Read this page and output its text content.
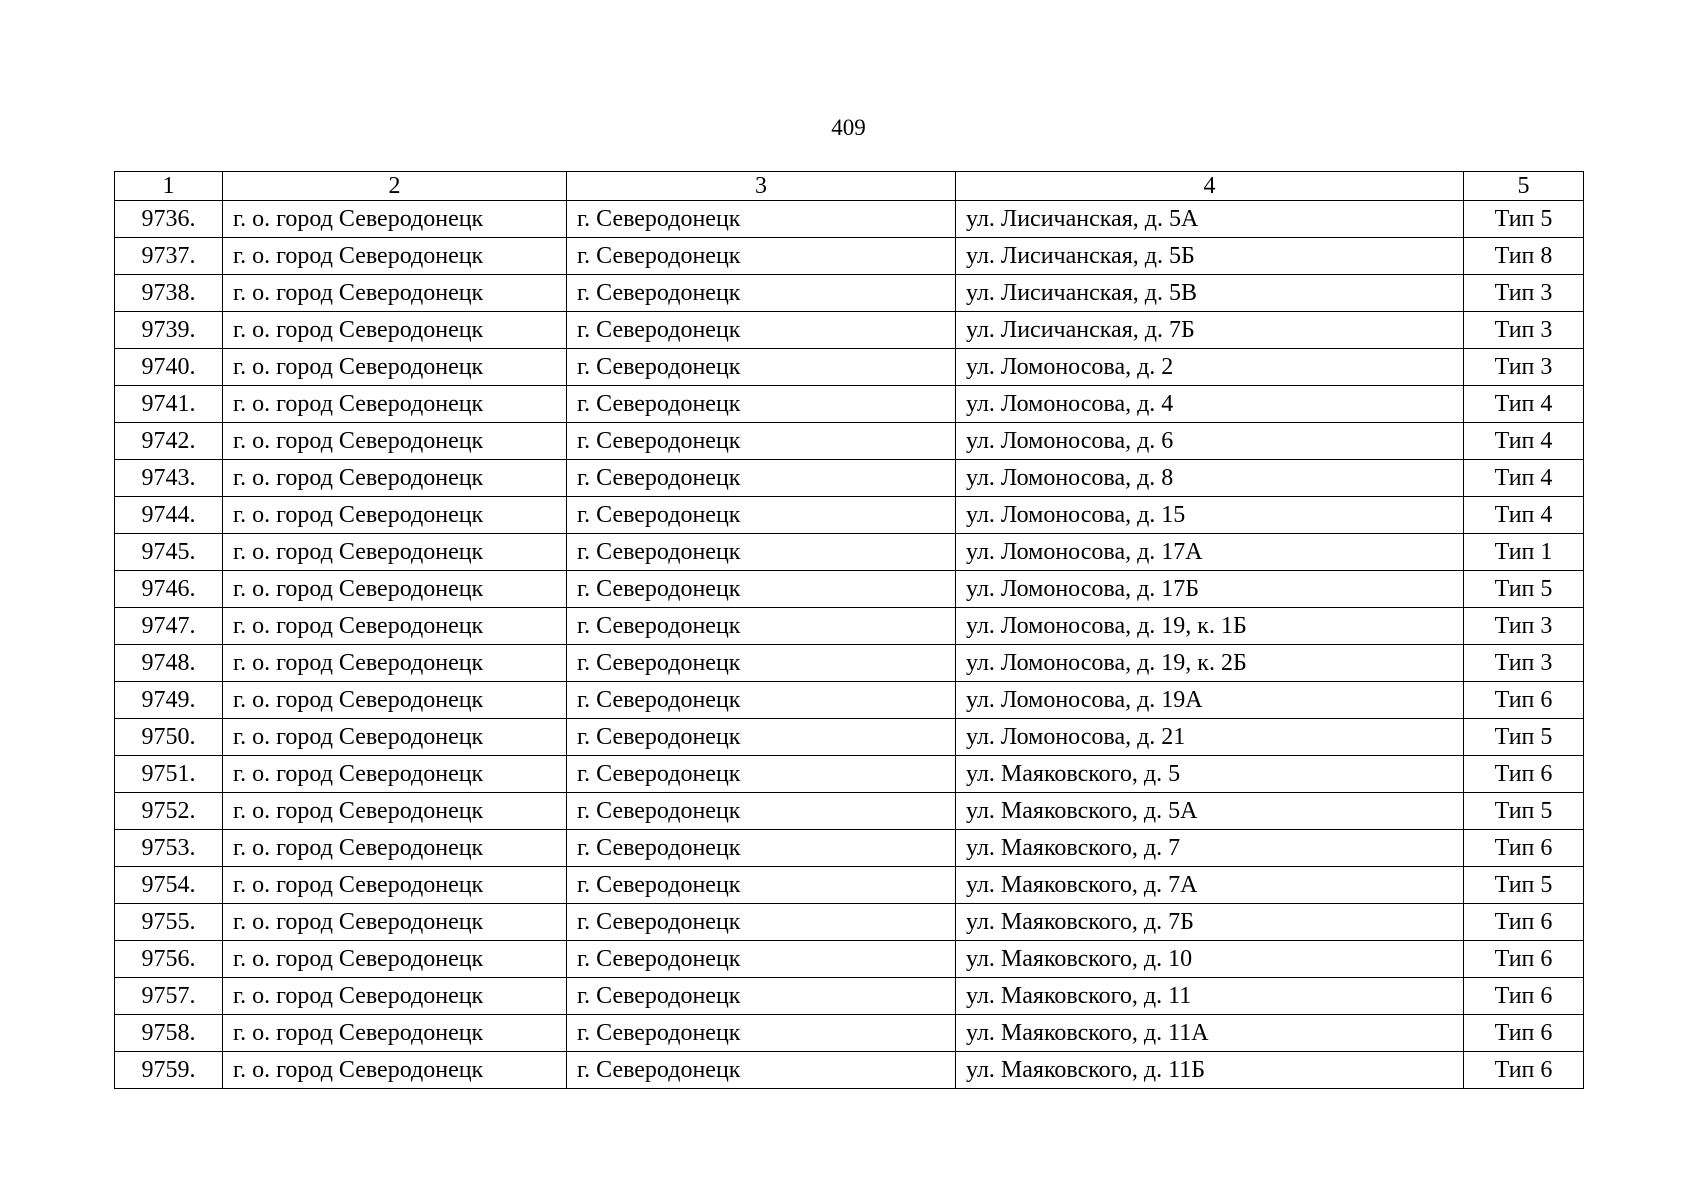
409
1	2	3	4	5
9736.	г. о. город Северодонецк	г. Северодонецк	ул. Лисичанская, д. 5А	Тип 5
9737.	г. о. город Северодонецк	г. Северодонецк	ул. Лисичанская, д. 5Б	Тип 8
9738.	г. о. город Северодонецк	г. Северодонецк	ул. Лисичанская, д. 5В	Тип 3
9739.	г. о. город Северодонецк	г. Северодонецк	ул. Лисичанская, д. 7Б	Тип 3
9740.	г. о. город Северодонецк	г. Северодонецк	ул. Ломоносова, д. 2	Тип 3
9741.	г. о. город Северодонецк	г. Северодонецк	ул. Ломоносова, д. 4	Тип 4
9742.	г. о. город Северодонецк	г. Северодонецк	ул. Ломоносова, д. 6	Тип 4
9743.	г. о. город Северодонецк	г. Северодонецк	ул. Ломоносова, д. 8	Тип 4
9744.	г. о. город Северодонецк	г. Северодонецк	ул. Ломоносова, д. 15	Тип 4
9745.	г. о. город Северодонецк	г. Северодонецк	ул. Ломоносова, д. 17А	Тип 1
9746.	г. о. город Северодонецк	г. Северодонецк	ул. Ломоносова, д. 17Б	Тип 5
9747.	г. о. город Северодонецк	г. Северодонецк	ул. Ломоносова, д. 19, к. 1Б	Тип 3
9748.	г. о. город Северодонецк	г. Северодонецк	ул. Ломоносова, д. 19, к. 2Б	Тип 3
9749.	г. о. город Северодонецк	г. Северодонецк	ул. Ломоносова, д. 19А	Тип 6
9750.	г. о. город Северодонецк	г. Северодонецк	ул. Ломоносова, д. 21	Тип 5
9751.	г. о. город Северодонецк	г. Северодонецк	ул. Маяковского, д. 5	Тип 6
9752.	г. о. город Северодонецк	г. Северодонецк	ул. Маяковского, д. 5А	Тип 5
9753.	г. о. город Северодонецк	г. Северодонецк	ул. Маяковского, д. 7	Тип 6
9754.	г. о. город Северодонецк	г. Северодонецк	ул. Маяковского, д. 7А	Тип 5
9755.	г. о. город Северодонецк	г. Северодонецк	ул. Маяковского, д. 7Б	Тип 6
9756.	г. о. город Северодонецк	г. Северодонецк	ул. Маяковского, д. 10	Тип 6
9757.	г. о. город Северодонецк	г. Северодонецк	ул. Маяковского, д. 11	Тип 6
9758.	г. о. город Северодонецк	г. Северодонецк	ул. Маяковского, д. 11А	Тип 6
9759.	г. о. город Северодонецк	г. Северодонецк	ул. Маяковского, д. 11Б	Тип 6
